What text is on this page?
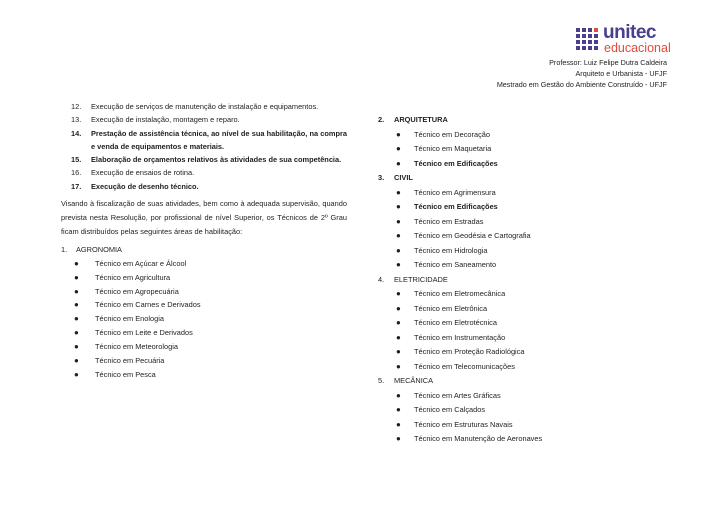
unitec
educacional
Professor: Luiz Felipe Dutra Caldeira
Arquiteto e Urbanista - UFJF
Mestrado em Gestão do Ambiente Construído - UFJF
12. Execução de serviços de manutenção de instalação e equipamentos.
13. Execução de instalação, montagem e reparo.
14. Prestação de assistência técnica, ao nível de sua habilitação, na compra e venda de equipamentos e materiais.
15. Elaboração de orçamentos relativos às atividades de sua competência.
16. Execução de ensaios de rotina.
17. Execução de desenho técnico.
Visando à fiscalização de suas atividades, bem como à adequada supervisão, quando prevista nesta Resolução, por profissional de nível Superior, os Técnicos de 2º Grau ficam distribuídos pelas seguintes áreas de habilitação:
1. AGRONOMIA
● Técnico em Açúcar e Álcool
● Técnico em Agricultura
● Técnico em Agropecuária
● Técnico em Carnes e Derivados
● Técnico em Enologia
● Técnico em Leite e Derivados
● Técnico em Meteorologia
● Técnico em Pecuária
● Técnico em Pesca
2. ARQUITETURA
● Técnico em Decoração
● Técnico em Maquetaria
● Técnico em Edificações
3. CIVIL
● Técnico em Agrimensura
● Técnico em Edificações
● Técnico em Estradas
● Técnico em Geodésia e Cartografia
● Técnico em Hidrologia
● Técnico em Saneamento
4. ELETRICIDADE
● Técnico em Eletromecânica
● Técnico em Eletrônica
● Técnico em Eletrotécnica
● Técnico em Instrumentação
● Técnico em Proteção Radiológica
● Técnico em Telecomunicações
5. MECÂNICA
● Técnico em Artes Gráficas
● Técnico em Calçados
● Técnico em Estruturas Navais
● Técnico em Manutenção de Aeronaves
